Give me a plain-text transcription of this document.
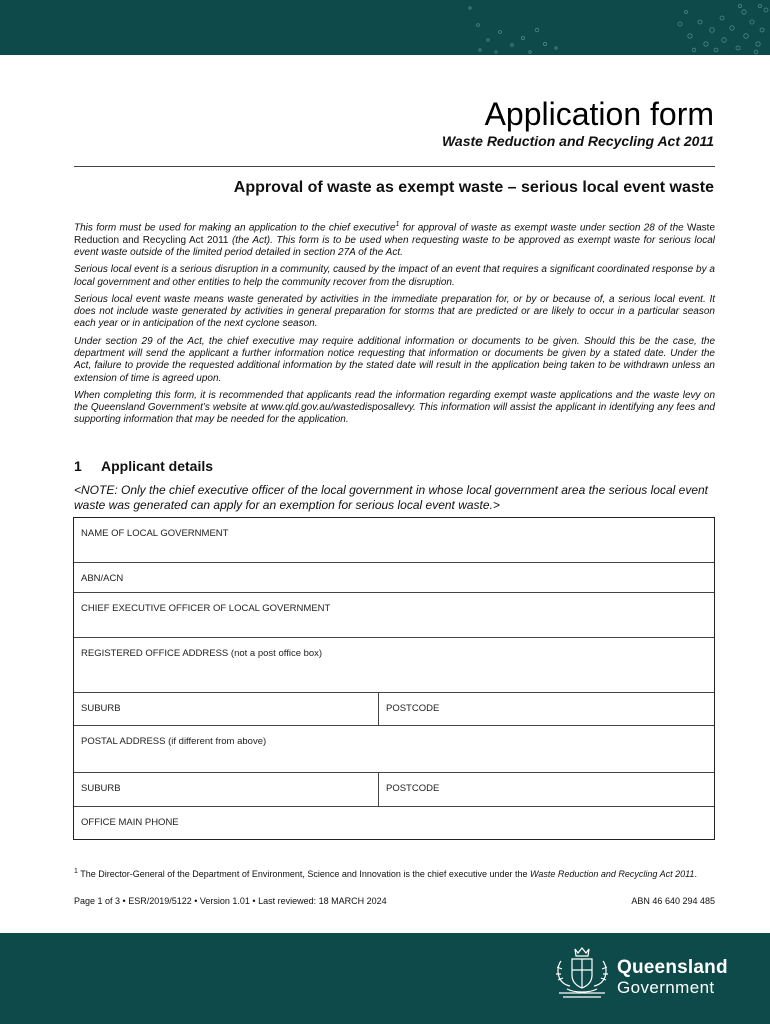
Application form
Waste Reduction and Recycling Act 2011
Approval of waste as exempt waste – serious local event waste

This form must be used for making an application to the chief executive$^1$ for approval of waste as exempt waste under section 28 of the Waste Reduction and Recycling Act 2011 (the Act). This form is to be used when requesting waste to be approved as exempt waste for serious local event waste outside of the limited period detailed in section 27A of the Act.

Serious local event is a serious disruption in a community, caused by the impact of an event that requires a significant coordinated response by a local government and other entities to help the community recover from the disruption.

Serious local event waste means waste generated by activities in the immediate preparation for, or by or because of, a serious local event. It does not include waste generated by activities in general preparation for storms that are predicted or are likely to occur in a particular season each year or in anticipation of the next cyclone season.

Under section 29 of the Act, the chief executive may require additional information or documents to be given. Should this be the case, the department will send the applicant a further information notice requesting that information or documents be given by a stated date. Under the Act, failure to provide the requested additional information by the stated date will result in the application being taken to be withdrawn unless an extension of time is agreed upon.

When completing this form, it is recommended that applicants read the information regarding exempt waste applications and the waste levy on the Queensland Government’s website at www.qld.gov.au/wastedisposallevy. This information will assist the applicant in identifying any fees and supporting information that may be needed for the application.

1 Applicant details
<NOTE: Only the chief executive officer of the local government in whose local government area the serious local event waste was generated can apply for an exemption for serious local event waste.>
NAME OF LOCAL GOVERNMENT
ABN/ACN
CHIEF EXECUTIVE OFFICER OF LOCAL GOVERNMENT
REGISTERED OFFICE ADDRESS (not a post office box)
SUBURB	POSTCODE
POSTAL ADDRESS (if different from above)
SUBURB	POSTCODE
OFFICE MAIN PHONE
$^1$ The Director-General of the Department of Environment, Science and Innovation is the chief executive under the Waste Reduction and Recycling Act 2011.
Page 1 of 3 • ESR/2019/5122 • Version 1.01 • Last reviewed: 18 MARCH 2024	ABN 46 640 294 485
Queensland
Government
